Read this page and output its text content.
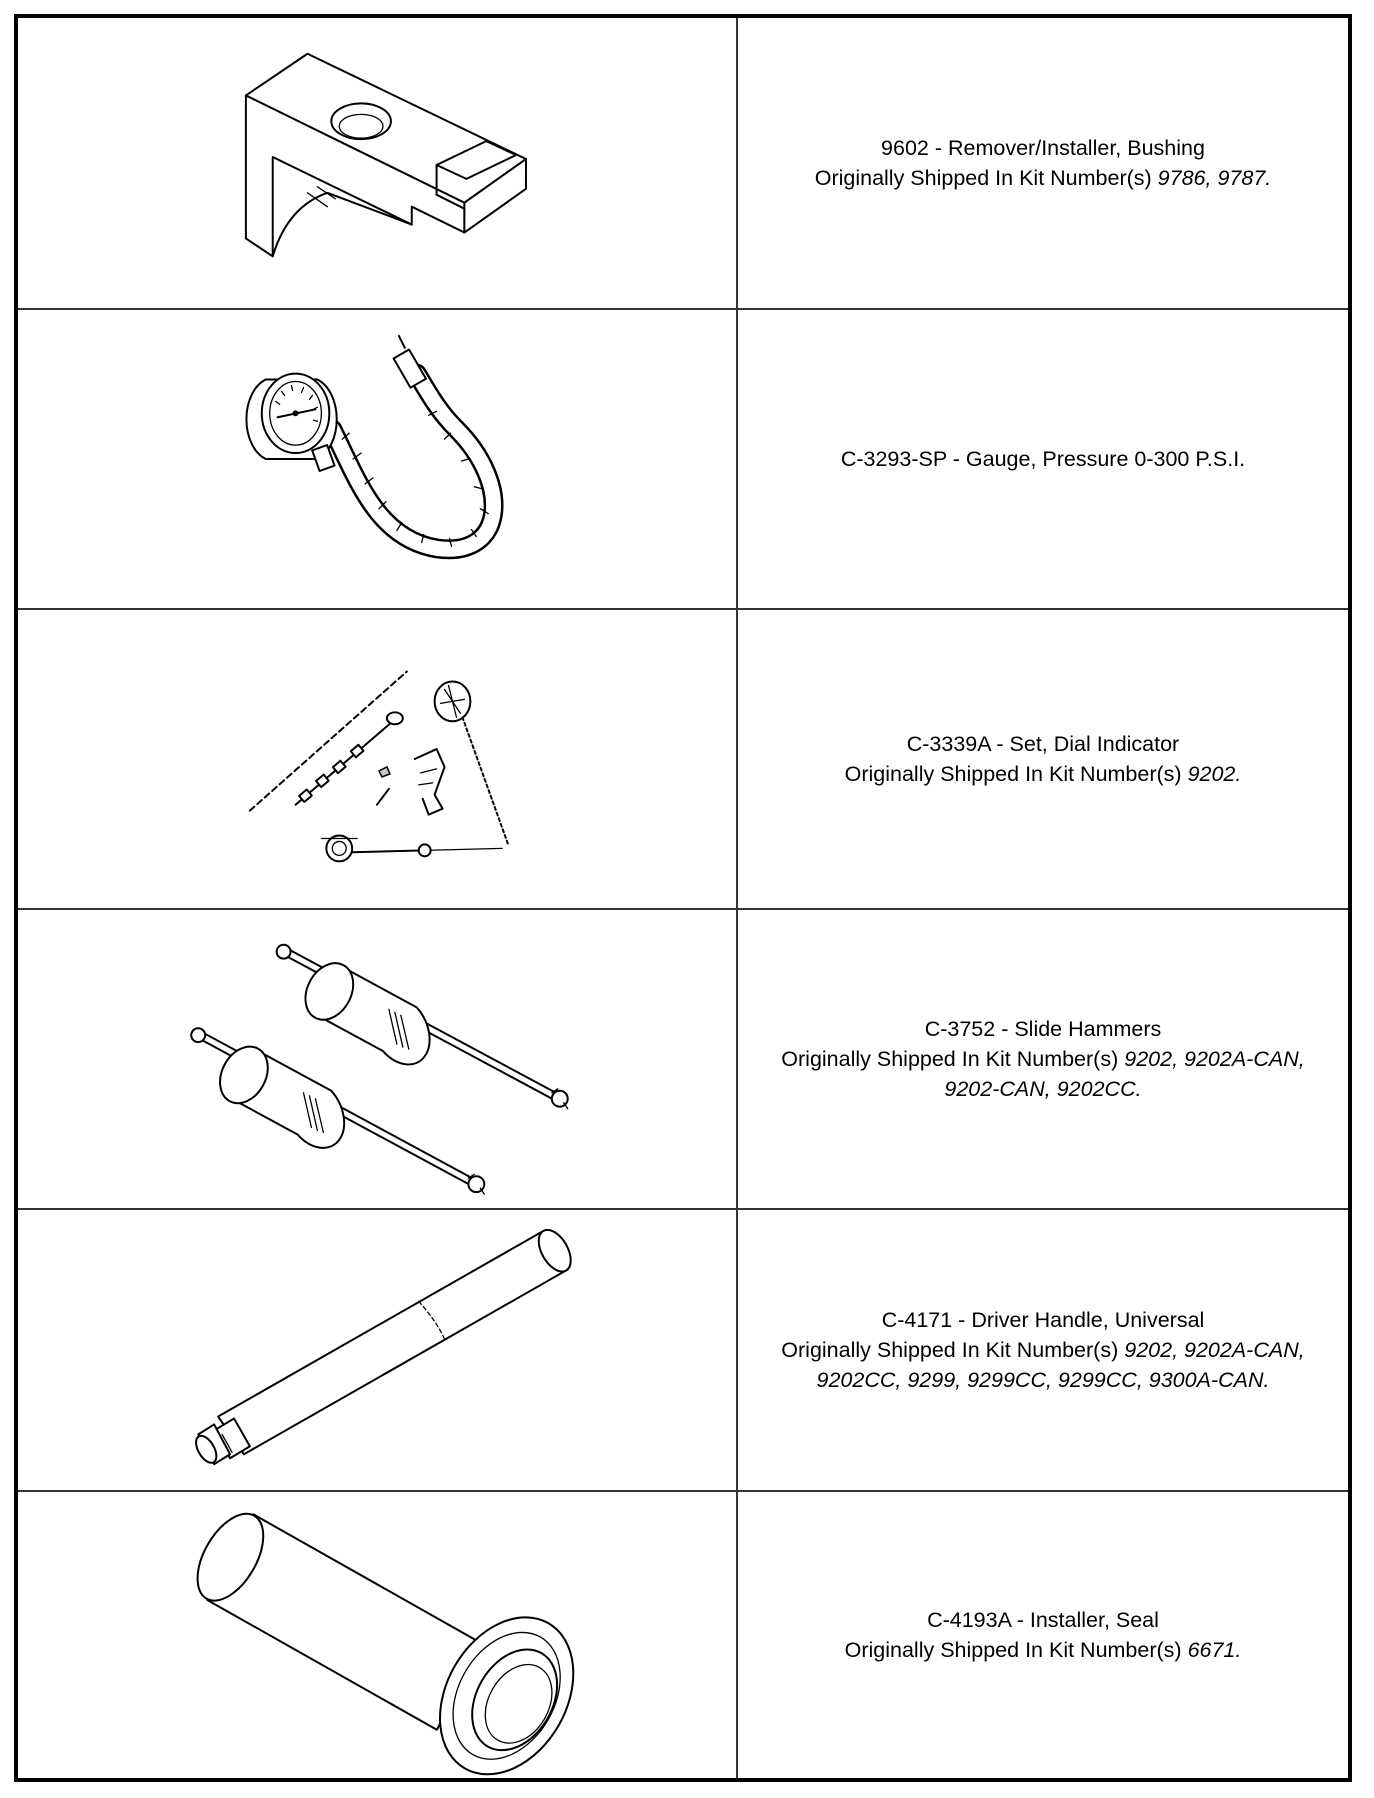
9602 - Remover/Installer, Bushing
Originally Shipped In Kit Number(s) 9786, 9787.
C-3293-SP - Gauge, Pressure 0-300 P.S.I.
C-3339A - Set, Dial Indicator
Originally Shipped In Kit Number(s) 9202.
C-3752 - Slide Hammers
Originally Shipped In Kit Number(s) 9202, 9202A-CAN,
9202-CAN, 9202CC.
C-4171 - Driver Handle, Universal
Originally Shipped In Kit Number(s) 9202, 9202A-CAN,
9202CC, 9299, 9299CC, 9299CC, 9300A-CAN.
C-4193A - Installer, Seal
Originally Shipped In Kit Number(s) 6671.
